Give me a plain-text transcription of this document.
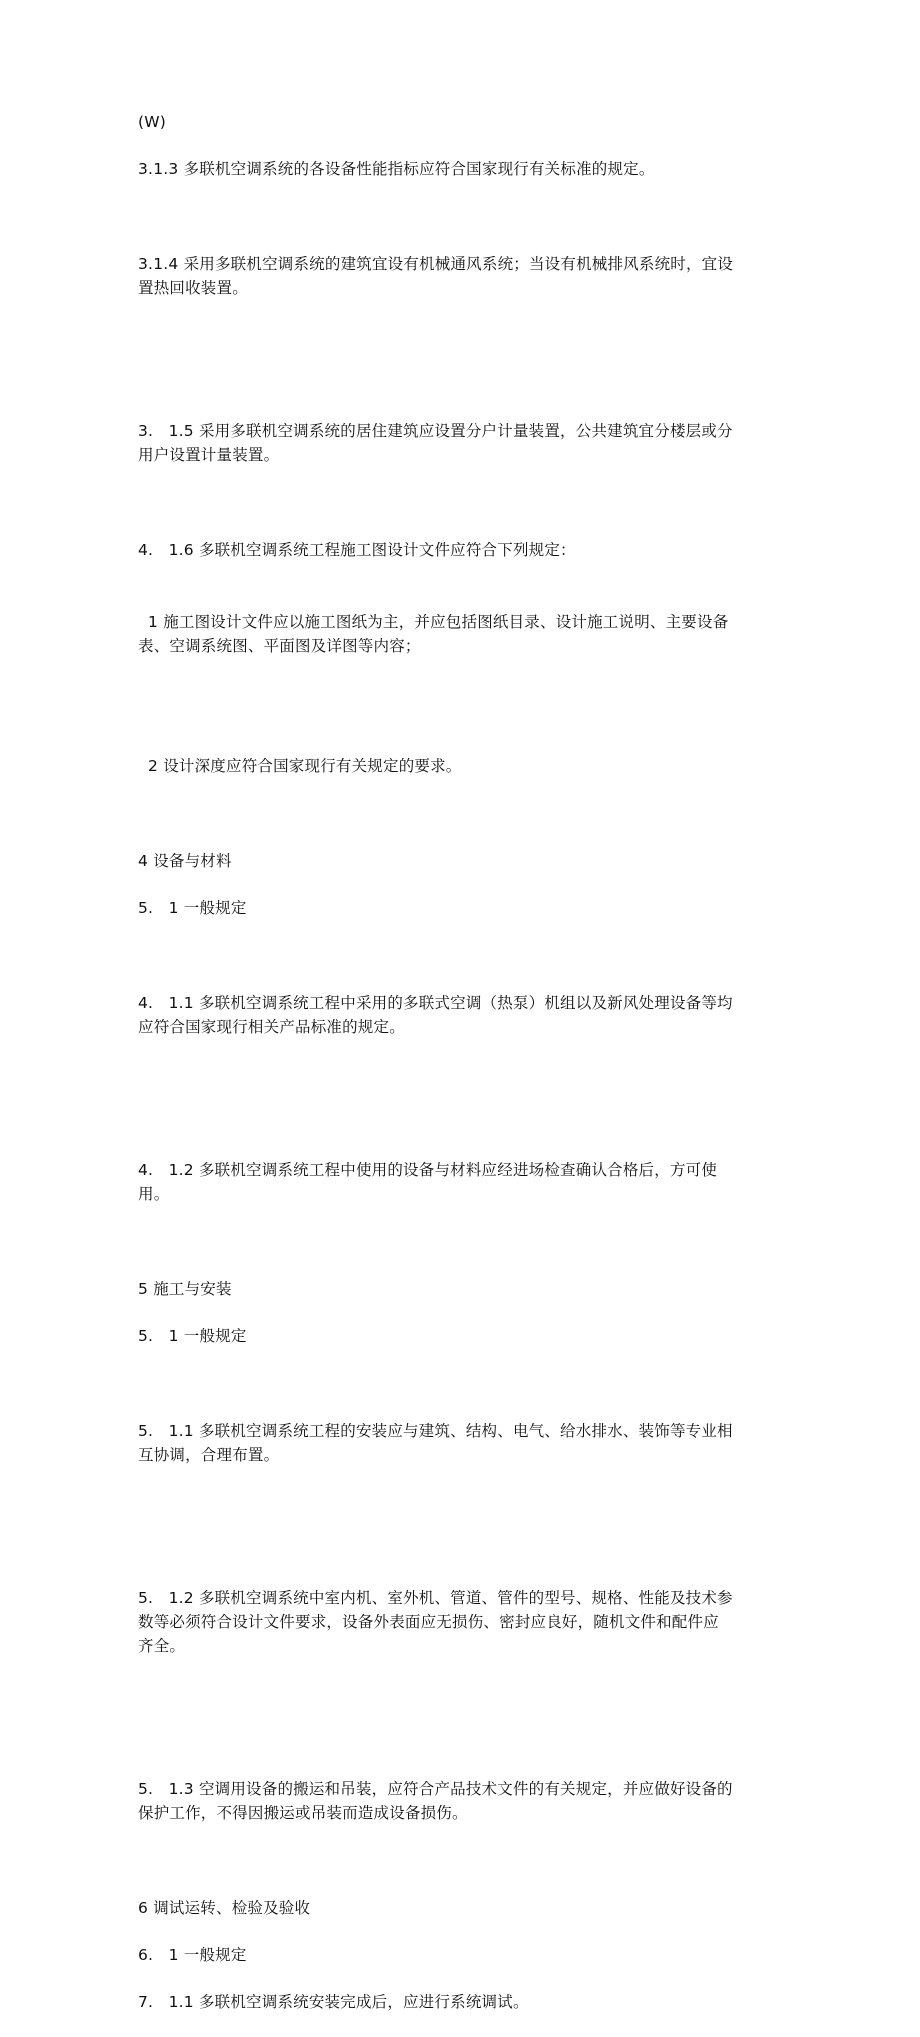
(W)

3.1.3 多联机空调系统的各设备性能指标应符合国家现行有关标准的规定。

3.1.4 采用多联机空调系统的建筑宜设有机械通风系统；当设有机械排风系统时，宜设
置热回收装置。

3.   1.5 采用多联机空调系统的居住建筑应设置分户计量装置，公共建筑宜分楼层或分
用户设置计量装置。

4.   1.6 多联机空调系统工程施工图设计文件应符合下列规定：

1 施工图设计文件应以施工图纸为主，并应包括图纸目录、设计施工说明、主要设备
表、空调系统图、平面图及详图等内容；

2 设计深度应符合国家现行有关规定的要求。

4 设备与材料

5.   1 一般规定

4.   1.1 多联机空调系统工程中采用的多联式空调（热泵）机组以及新风处理设备等均
应符合国家现行相关产品标准的规定。

4.   1.2 多联机空调系统工程中使用的设备与材料应经进场检查确认合格后，方可使
用。

5 施工与安装

5.   1 一般规定

5.   1.1 多联机空调系统工程的安装应与建筑、结构、电气、给水排水、装饰等专业相
互协调，合理布置。

5.   1.2 多联机空调系统中室内机、室外机、管道、管件的型号、规格、性能及技术参
数等必须符合设计文件要求，设备外表面应无损伤、密封应良好，随机文件和配件应
齐全。

5.   1.3 空调用设备的搬运和吊装，应符合产品技术文件的有关规定，并应做好设备的
保护工作，不得因搬运或吊装而造成设备损伤。

6 调试运转、检验及验收

6.   1 一般规定

7.   1.1 多联机空调系统安装完成后，应进行系统调试。
